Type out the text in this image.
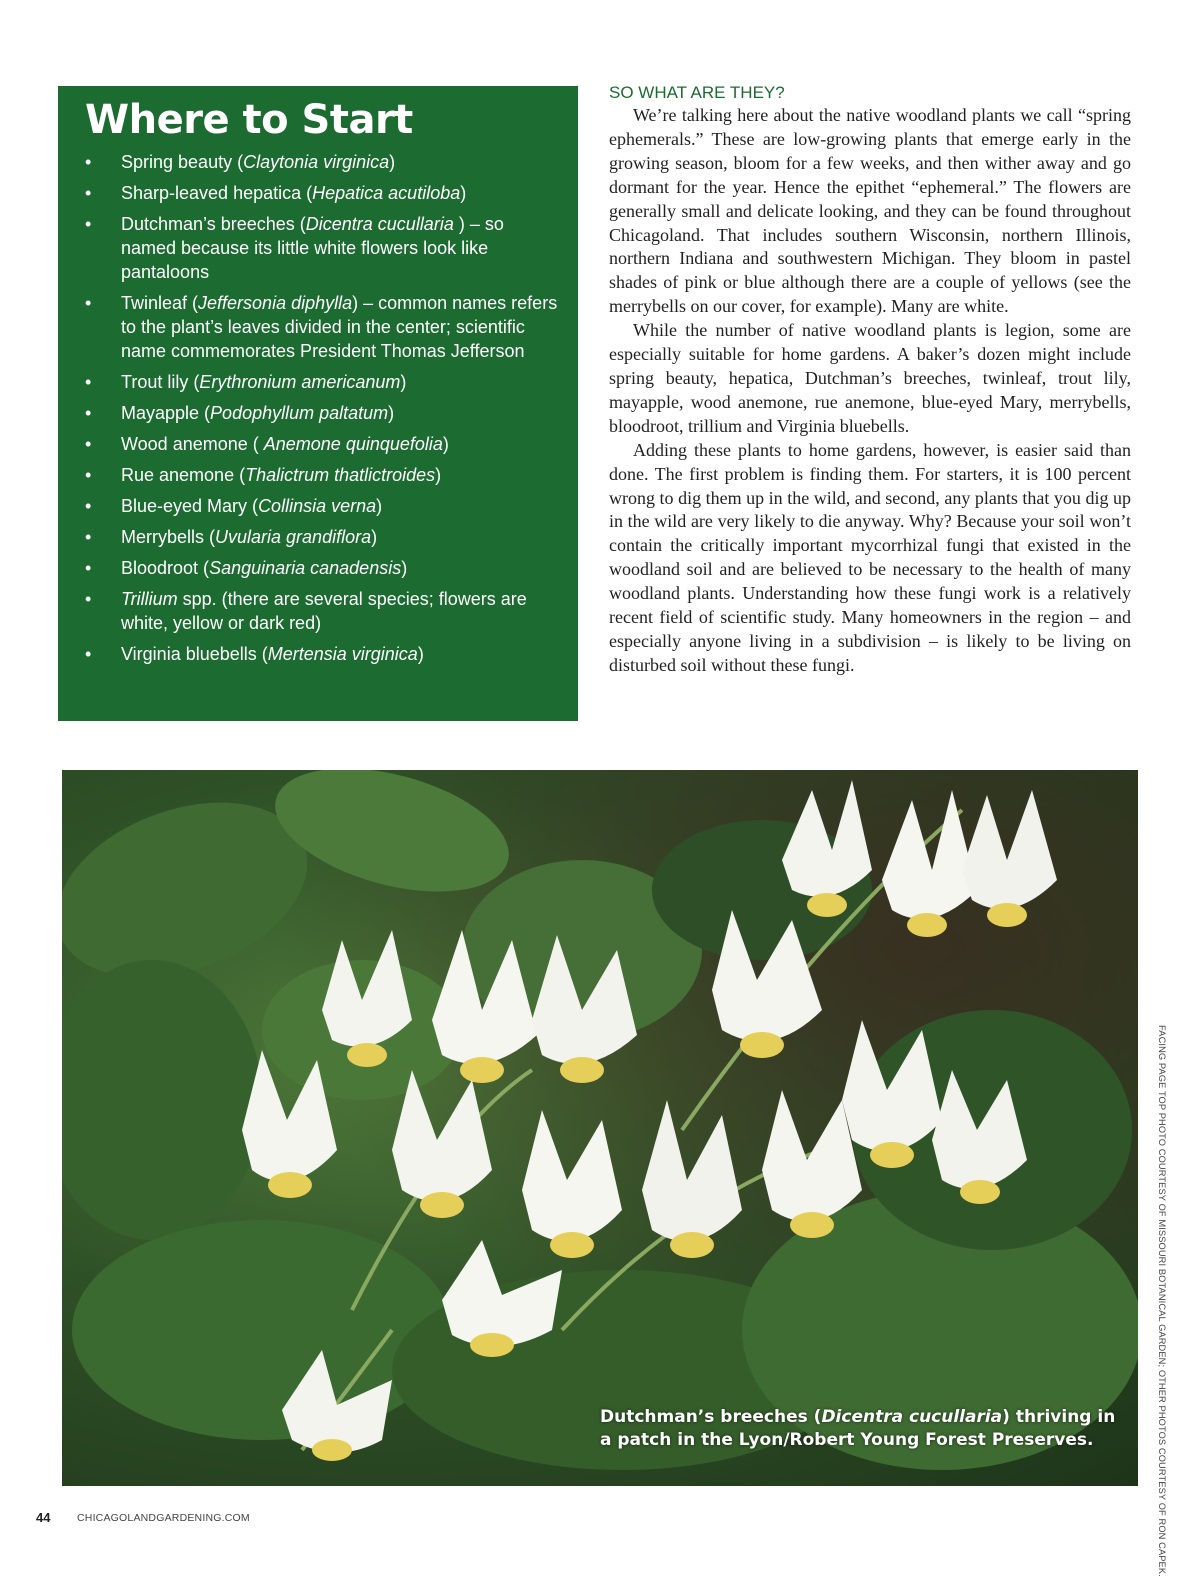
Where to Start
• Spring beauty (Claytonia virginica)
• Sharp-leaved hepatica (Hepatica acutiloba)
• Dutchman’s breeches (Dicentra cucullaria ) – so named because its little white flowers look like pantaloons
• Twinleaf (Jeffersonia diphylla) – common names refers to the plant’s leaves divided in the center; scientific name commemorates President Thomas Jefferson
• Trout lily (Erythronium americanum)
• Mayapple (Podophyllum paltatum)
• Wood anemone ( Anemone quinquefolia)
• Rue anemone (Thalictrum thatlictroides)
• Blue-eyed Mary (Collinsia verna)
• Merrybells (Uvularia grandiflora)
• Bloodroot (Sanguinaria canadensis)
• Trillium spp. (there are several species; flowers are white, yellow or dark red)
• Virginia bluebells (Mertensia virginica)
SO WHAT ARE THEY?

We’re talking here about the native woodland plants we call “spring ephemerals.” These are low-growing plants that emerge early in the growing season, bloom for a few weeks, and then wither away and go dormant for the year. Hence the epithet “ephemeral.” The flowers are generally small and delicate looking, and they can be found throughout Chicagoland. That includes southern Wisconsin, northern Illinois, northern Indiana and southwestern Michigan. They bloom in pastel shades of pink or blue although there are a couple of yellows (see the merrybells on our cover, for example). Many are white.

While the number of native woodland plants is legion, some are especially suitable for home gardens. A baker’s dozen might include spring beauty, hepatica, Dutchman’s breeches, twinleaf, trout lily, mayapple, wood anemone, rue anemone, blue-eyed Mary, merrybells, bloodroot, trillium and Virginia bluebells.

Adding these plants to home gardens, however, is easier said than done. The first problem is finding them. For starters, it is 100 percent wrong to dig them up in the wild, and second, any plants that you dig up in the wild are very likely to die anyway. Why? Because your soil won’t contain the critically important mycorrhizal fungi that existed in the woodland soil and are believed to be necessary to the health of many woodland plants. Understanding how these fungi work is a relatively recent field of scientific study. Many homeowners in the region – and especially anyone living in a subdivision – is likely to be living on disturbed soil without these fungi.

Dutchman’s breeches (Dicentra cucullaria) thriving in a patch in the Lyon/Robert Young Forest Preserves.	FACING PAGE TOP PHOTO COURTESY OF MISSOURI BOTANICAL GARDEN; OTHER PHOTOS COURTESY OF RON CAPEK.
44	CHICAGOLANDGARDENING.COM
